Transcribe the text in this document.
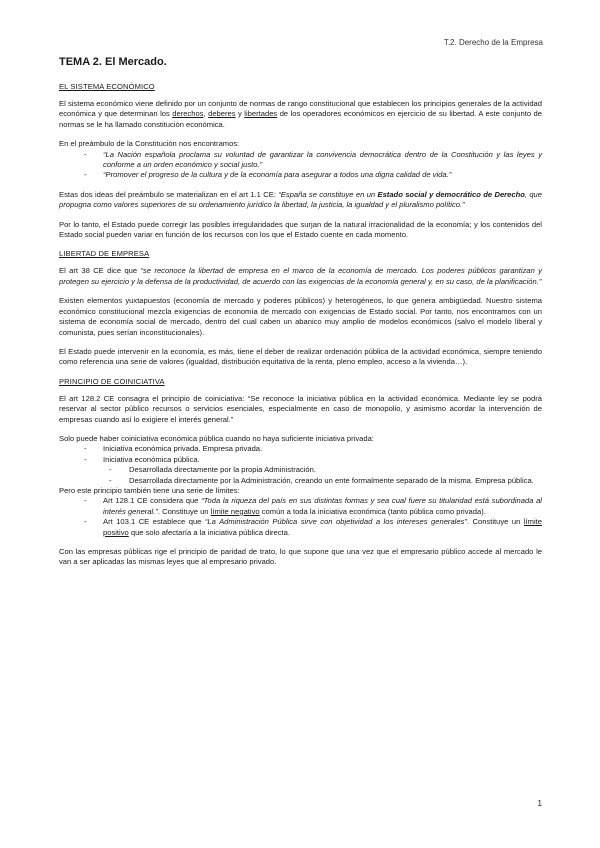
T.2. Derecho de la Empresa
TEMA 2. El Mercado.
EL SISTEMA ECONÓMICO

El sistema económico viene definido por un conjunto de normas de rango constitucional que establecen los principios generales de la actividad económica y que determinan los derechos, deberes y libertades de los operadores económicos en ejercicio de su libertad. A este conjunto de normas se le ha llamado constitución económica.

En el preámbulo de la Constitución nos encontramos:

- “La Nación española proclama su voluntad de garantizar la convivencia democrática dentro de la Constitución y las leyes y conforme a un orden económico y social justo.”
- “Promover el progreso de la cultura y de la economía para asegurar a todos una digna calidad de vida.”

Estas dos ideas del preámbulo se materializan en el art 1.1 CE: “España se constituye en un Estado social y democrático de Derecho, que propugna como valores superiores de su ordenamiento jurídico la libertad, la justicia, la igualdad y el pluralismo político.”

Por lo tanto, el Estado puede corregir las posibles irregularidades que surjan de la natural irracionalidad de la economía; y los contenidos del Estado social pueden variar en función de los recursos con los que el Estado cuente en cada momento.

LIBERTAD DE EMPRESA

El art 38 CE dice que “se reconoce la libertad de empresa en el marco de la economía de mercado. Los poderes públicos garantizan y protegen su ejercicio y la defensa de la productividad, de acuerdo con las exigencias de la economía general y, en su caso, de la planificación.”

Existen elementos yuxtapuestos (economía de mercado y poderes públicos) y heterogéneos, lo que genera ambigüedad. Nuestro sistema económico constitucional mezcla exigencias de economía de mercado con exigencias de Estado social. Por tanto, nos encontramos con un sistema de economía social de mercado, dentro del cual caben un abanico muy amplio de modelos económicos (salvo el modelo liberal y comunista, pues serían inconstitucionales).

El Estado puede intervenir en la economía, es más, tiene el deber de realizar ordenación pública de la actividad económica, siempre teniendo como referencia una serie de valores (igualdad, distribución equitativa de la renta, pleno empleo, acceso a la vivienda…).

PRINCIPIO DE COINICIATIVA

El art 128.2 CE consagra el principio de coiniciativa: “Se reconoce la iniciativa pública en la actividad económica. Mediante ley se podrá reservar al sector público recursos o servicios esenciales, especialmente en caso de monopolio, y asimismo acordar la intervención de empresas cuando así lo exigiere el interés general.”

Solo puede haber coiniciativa económica pública cuando no haya suficiente iniciativa privada:

- Iniciativa económica privada. Empresa privada.
- Iniciativa económica pública.
- Desarrollada directamente por la propia Administración.
- Desarrollada directamente por la Administración, creando un ente formalmente separado de la misma. Empresa pública.

Pero este principio también tiene una serie de límites:

- Art 128.1 CE considera que “Toda la riqueza del país en sus distintas formas y sea cual fuere su titularidad está subordinada al interés general.”. Constituye un límite negativo común a toda la iniciativa económica (tanto pública como privada).
- Art 103.1 CE establece que “La Administración Pública sirve con objetividad a los intereses generales”. Constituye un límite positivo que solo afectaría a la iniciativa pública directa.

Con las empresas públicas rige el principio de paridad de trato, lo que supone que una vez que el empresario público accede al mercado le van a ser aplicadas las mismas leyes que al empresario privado.

1
